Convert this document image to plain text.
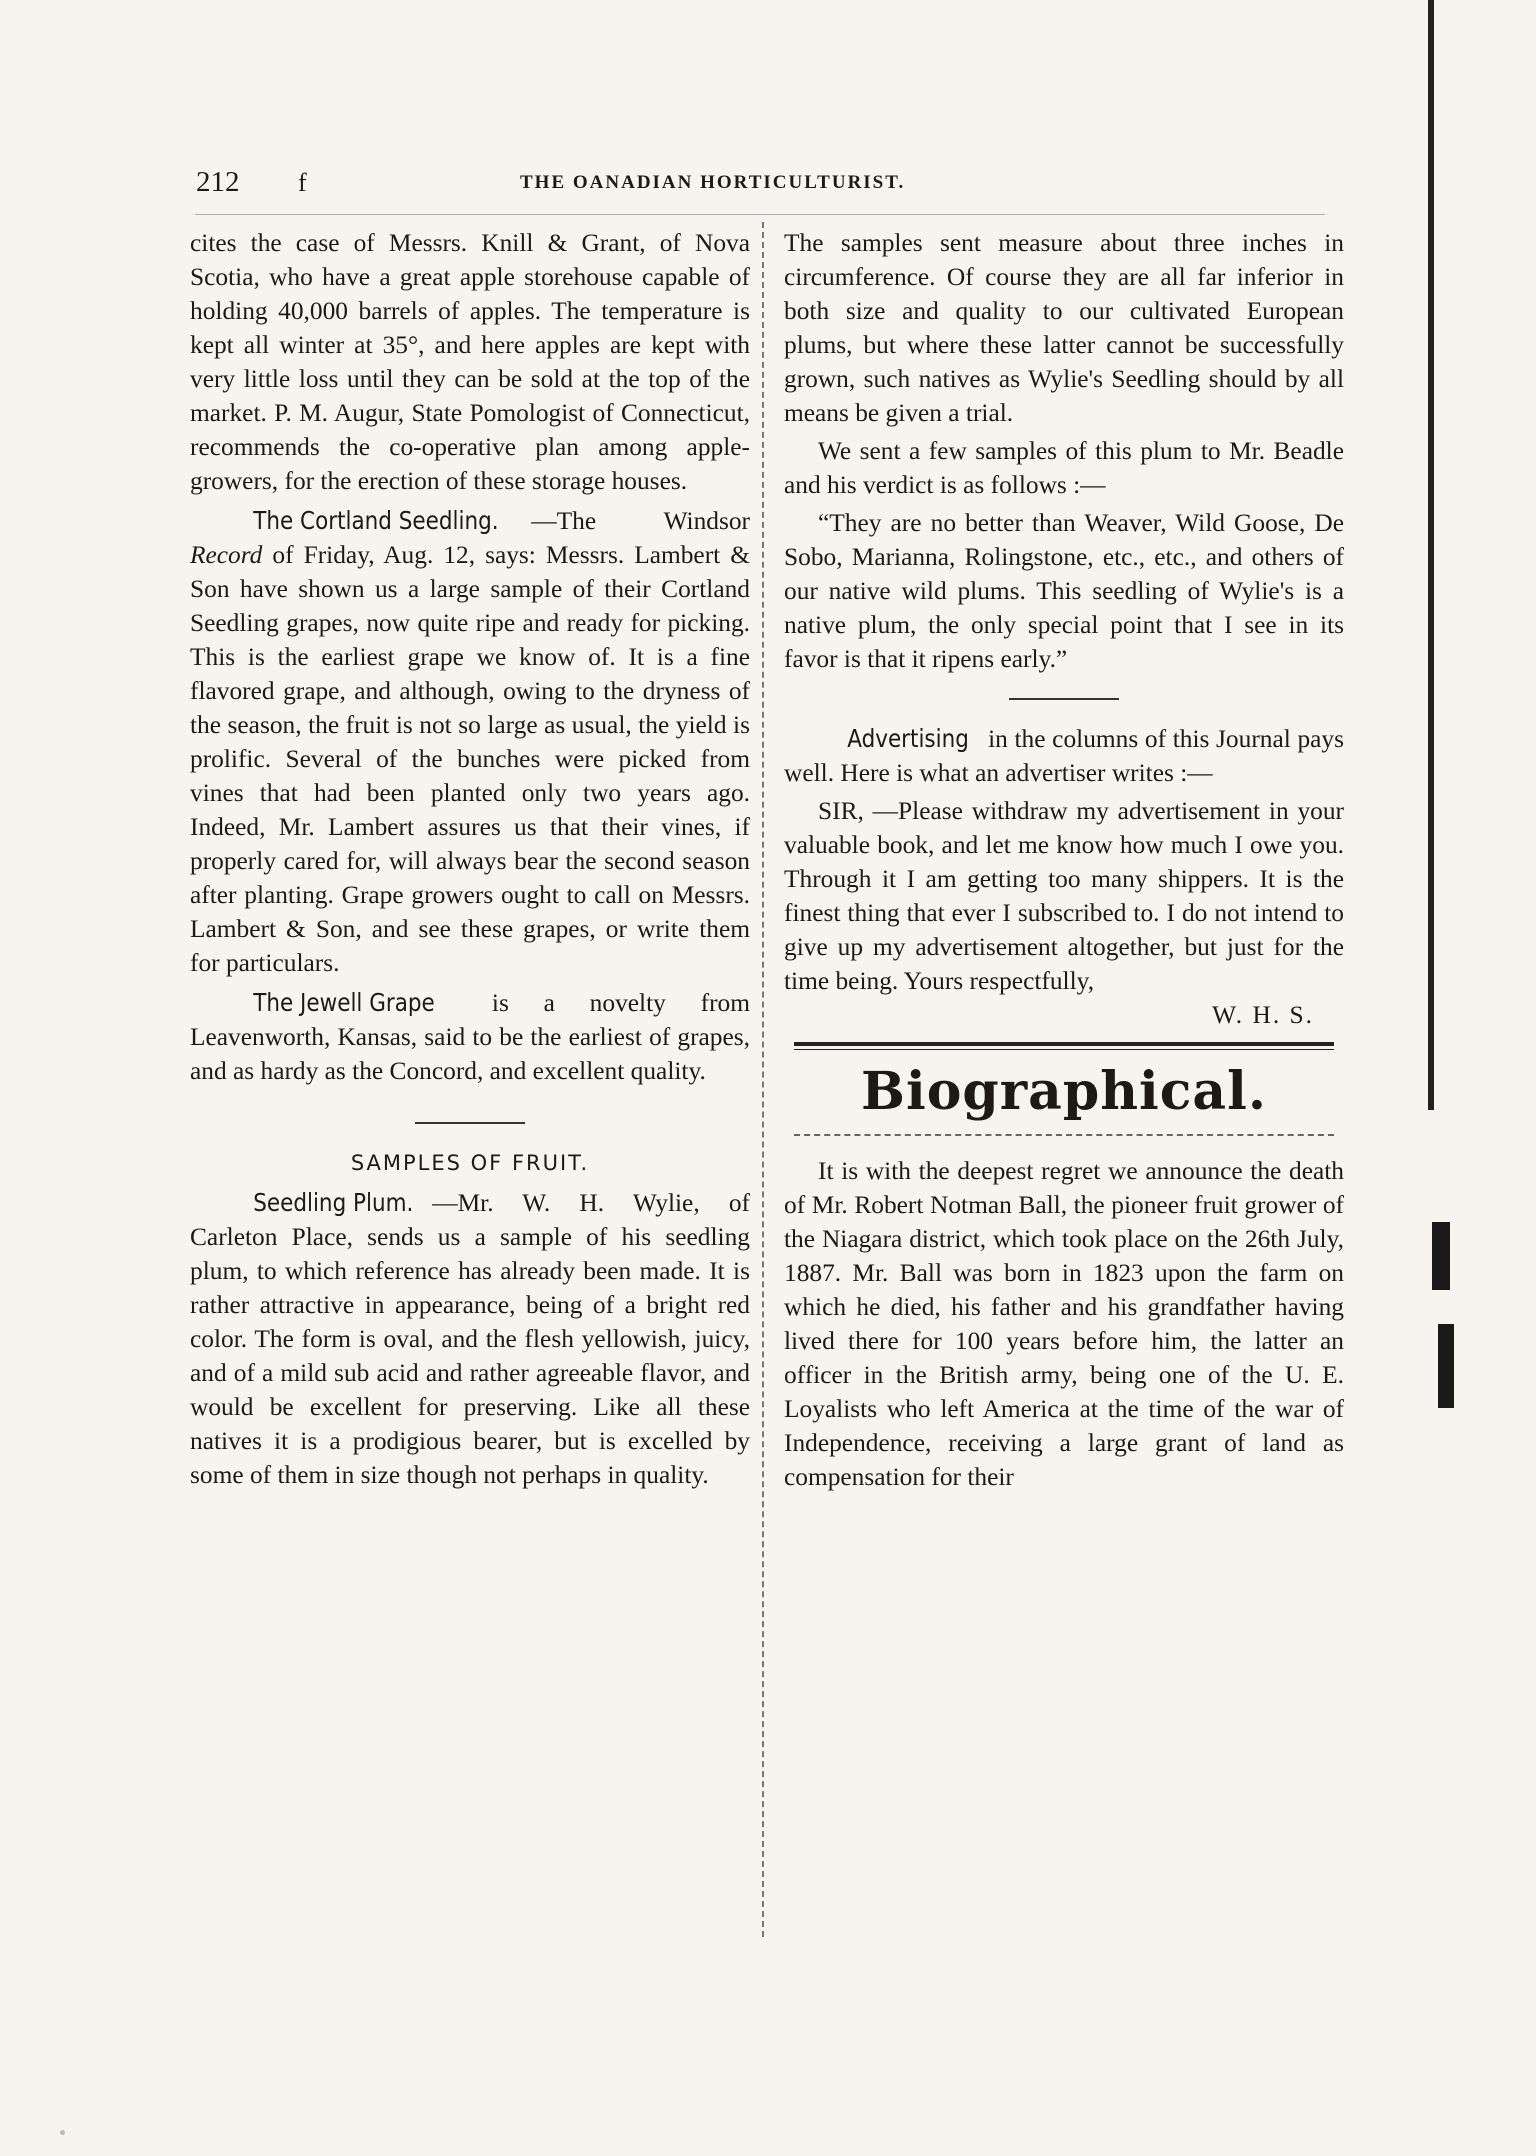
212 f	THE OANADIAN HORTICULTURIST.

cites the case of Messrs. Knill & Grant, of Nova Scotia, who have a great apple storehouse capable of holding 40,000 barrels of apples. The temperature is kept all winter at 35°, and here apples are kept with very little loss until they can be sold at the top of the market. P. M. Augur, State Pomologist of Connecticut, recommends the co-operative plan among apple-growers, for the erection of these storage houses.

The Cortland Seedling. —The Windsor Record of Friday, Aug. 12, says: Messrs. Lambert & Son have shown us a large sample of their Cortland Seedling grapes, now quite ripe and ready for picking. This is the earliest grape we know of. It is a fine flavored grape, and although, owing to the dryness of the season, the fruit is not so large as usual, the yield is prolific. Several of the bunches were picked from vines that had been planted only two years ago. Indeed, Mr. Lambert assures us that their vines, if properly cared for, will always bear the second season after planting. Grape growers ought to call on Messrs. Lambert & Son, and see these grapes, or write them for particulars.

The Jewell Grape is a novelty from Leavenworth, Kansas, said to be the earliest of grapes, and as hardy as the Concord, and excellent quality.

SAMPLES OF FRUIT.

Seedling Plum. —Mr. W. H. Wylie, of Carleton Place, sends us a sample of his seedling plum, to which reference has already been made. It is rather attractive in appearance, being of a bright red color. The form is oval, and the flesh yellowish, juicy, and of a mild sub acid and rather agreeable flavor, and would be excellent for preserving. Like all these natives it is a prodigious bearer, but is excelled by some of them in size though not perhaps in quality.

The samples sent measure about three inches in circumference. Of course they are all far inferior in both size and quality to our cultivated European plums, but where these latter cannot be successfully grown, such natives as Wylie's Seedling should by all means be given a trial.

We sent a few samples of this plum to Mr. Beadle and his verdict is as follows :—

“They are no better than Weaver, Wild Goose, De Sobo, Marianna, Rolingstone, etc., etc., and others of our native wild plums. This seedling of Wylie's is a native plum, the only special point that I see in its favor is that it ripens early.”

Advertising in the columns of this Journal pays well. Here is what an advertiser writes :—

SIR, —Please withdraw my advertisement in your valuable book, and let me know how much I owe you. Through it I am getting too many shippers. It is the finest thing that ever I subscribed to. I do not intend to give up my advertisement altogether, but just for the time being. Yours respectfully,

W. H. S.

Biographical.

It is with the deepest regret we announce the death of Mr. Robert Notman Ball, the pioneer fruit grower of the Niagara district, which took place on the 26th July, 1887. Mr. Ball was born in 1823 upon the farm on which he died, his father and his grandfather having lived there for 100 years before him, the latter an officer in the British army, being one of the U. E. Loyalists who left America at the time of the war of Independence, receiving a large grant of land as compensation for their
